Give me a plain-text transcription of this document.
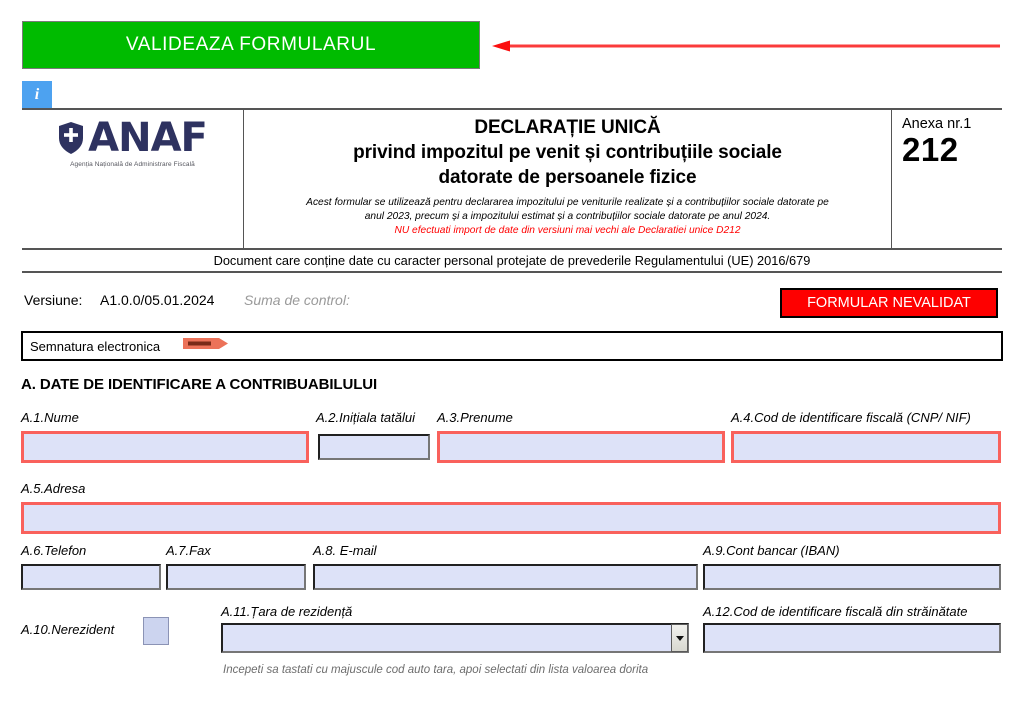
VALIDEAZA FORMULARUL
i
ANAF
Agenția Națională de Administrare Fiscală
DECLARAȚIE UNICĂ
privind impozitul pe venit și contribuțiile sociale
datorate de persoanele fizice
Acest formular se utilizează pentru declararea impozitului pe veniturile realizate și a contribuțiilor sociale datorate pe
anul 2023, precum și a impozitului estimat și a contribuțiilor sociale datorate pe anul 2024.
NU efectuati import de date din versiuni mai vechi ale Declaratiei unice D212
Anexa nr.1
212
Document care conține date cu caracter personal protejate de prevederile Regulamentului (UE) 2016/679
Versiune: A1.0.0/05.01.2024 Suma de control:	FORMULAR NEVALIDAT
Semnatura electronica
A. DATE DE IDENTIFICARE A CONTRIBUABILULUI
A.1.Nume	A.2.Inițiala tatălui A.3.Prenume	A.4.Cod de identificare fiscală (CNP/ NIF)
A.5.Adresa
A.6.Telefon	A.7.Fax	A.8. E-mail	A.9.Cont bancar (IBAN)
A.10.Nerezident
A.11.Țara de rezidență
Incepeti sa tastati cu majuscule cod auto tara, apoi selectati din lista valoarea dorita
A.12.Cod de identificare fiscală din străinătate
